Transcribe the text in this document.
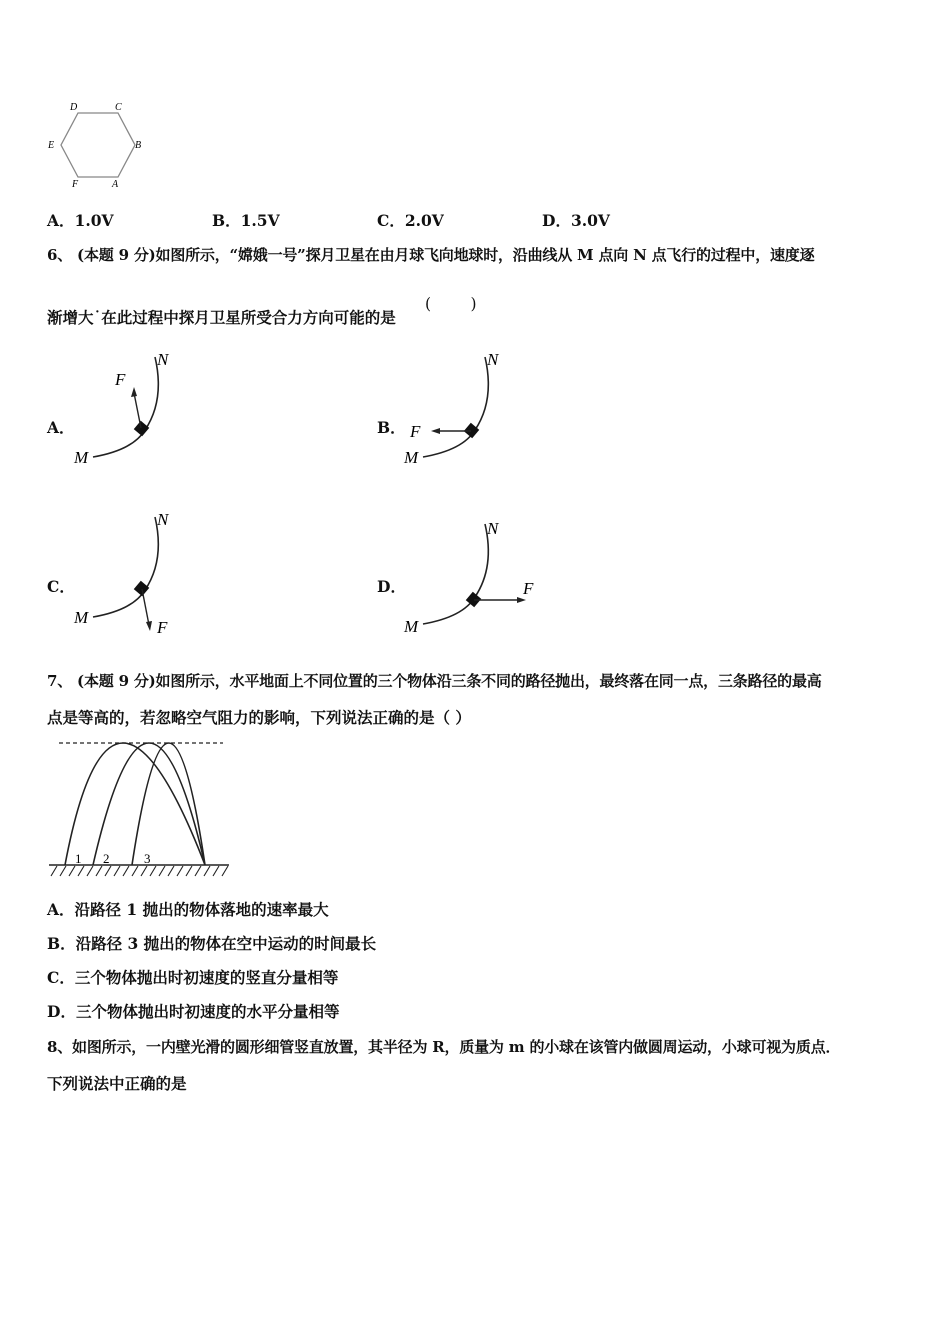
D	C
B
E
F	A
A．1.0V	B．1.5V	C．2.0V	D．3.0V
6、 (本题 9 分)如图所示，“嫦娥一号”探月卫星在由月球飞向地球时，沿曲线从 M 点向 N 点飞行的过程中，速度逐
渐增大˙在此过程中探月卫星所受合力方向可能的是
(        )
A．
F
M
N
B． F
M
N
C．
F
M
N
D．	F
M
N
7、 (本题 9 分)如图所示，水平地面上不同位置的三个物体沿三条不同的路径抛出，最终落在同一点，三条路径的最高
点是等高的，若忽略空气阻力的影响，下列说法正确的是（ ）
1 2	3
A．沿路径 1 抛出的物体落地的速率最大
B．沿路径 3 抛出的物体在空中运动的时间最长
C．三个物体抛出时初速度的竖直分量相等
D．三个物体抛出时初速度的水平分量相等
8、如图所示，一内壁光滑的圆形细管竖直放置，其半径为 R，质量为 m 的小球在该管内做圆周运动，小球可视为质点．
下列说法中正确的是
